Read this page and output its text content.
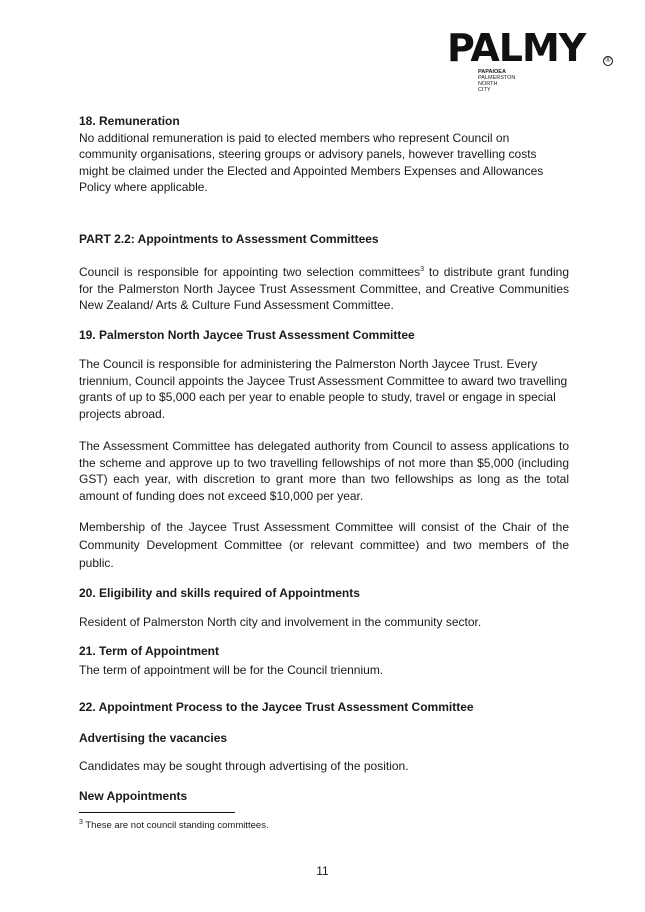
PALMY	®
PAPAIOEA
PALMERSTON
NORTH
CITY

18. Remuneration

No additional remuneration is paid to elected members who represent Council on community organisations, steering groups or advisory panels, however travelling costs might be claimed under the Elected and Appointed Members Expenses and Allowances Policy where applicable.

PART 2.2: Appointments to Assessment Committees

Council is responsible for appointing two selection committees$^3$ to distribute grant funding for the Palmerston North Jaycee Trust Assessment Committee, and Creative Communities New Zealand/ Arts & Culture Fund Assessment Committee.

19. Palmerston North Jaycee Trust Assessment Committee

The Council is responsible for administering the Palmerston North Jaycee Trust. Every triennium, Council appoints the Jaycee Trust Assessment Committee to award two travelling grants of up to $5,000 each per year to enable people to study, travel or engage in special projects abroad.

The Assessment Committee has delegated authority from Council to assess applications to the scheme and approve up to two travelling fellowships of not more than $5,000 (including GST) each year, with discretion to grant more than two fellowships as long as the total amount of funding does not exceed $10,000 per year.

Membership of the Jaycee Trust Assessment Committee will consist of the Chair of the Community Development Committee (or relevant committee) and two members of the public.

20. Eligibility and skills required of Appointments

Resident of Palmerston North city and involvement in the community sector.

21. Term of Appointment

The term of appointment will be for the Council triennium.

22. Appointment Process to the Jaycee Trust Assessment Committee

Advertising the vacancies

Candidates may be sought through advertising of the position.

New Appointments

$^3$ These are not council standing committees.
11
